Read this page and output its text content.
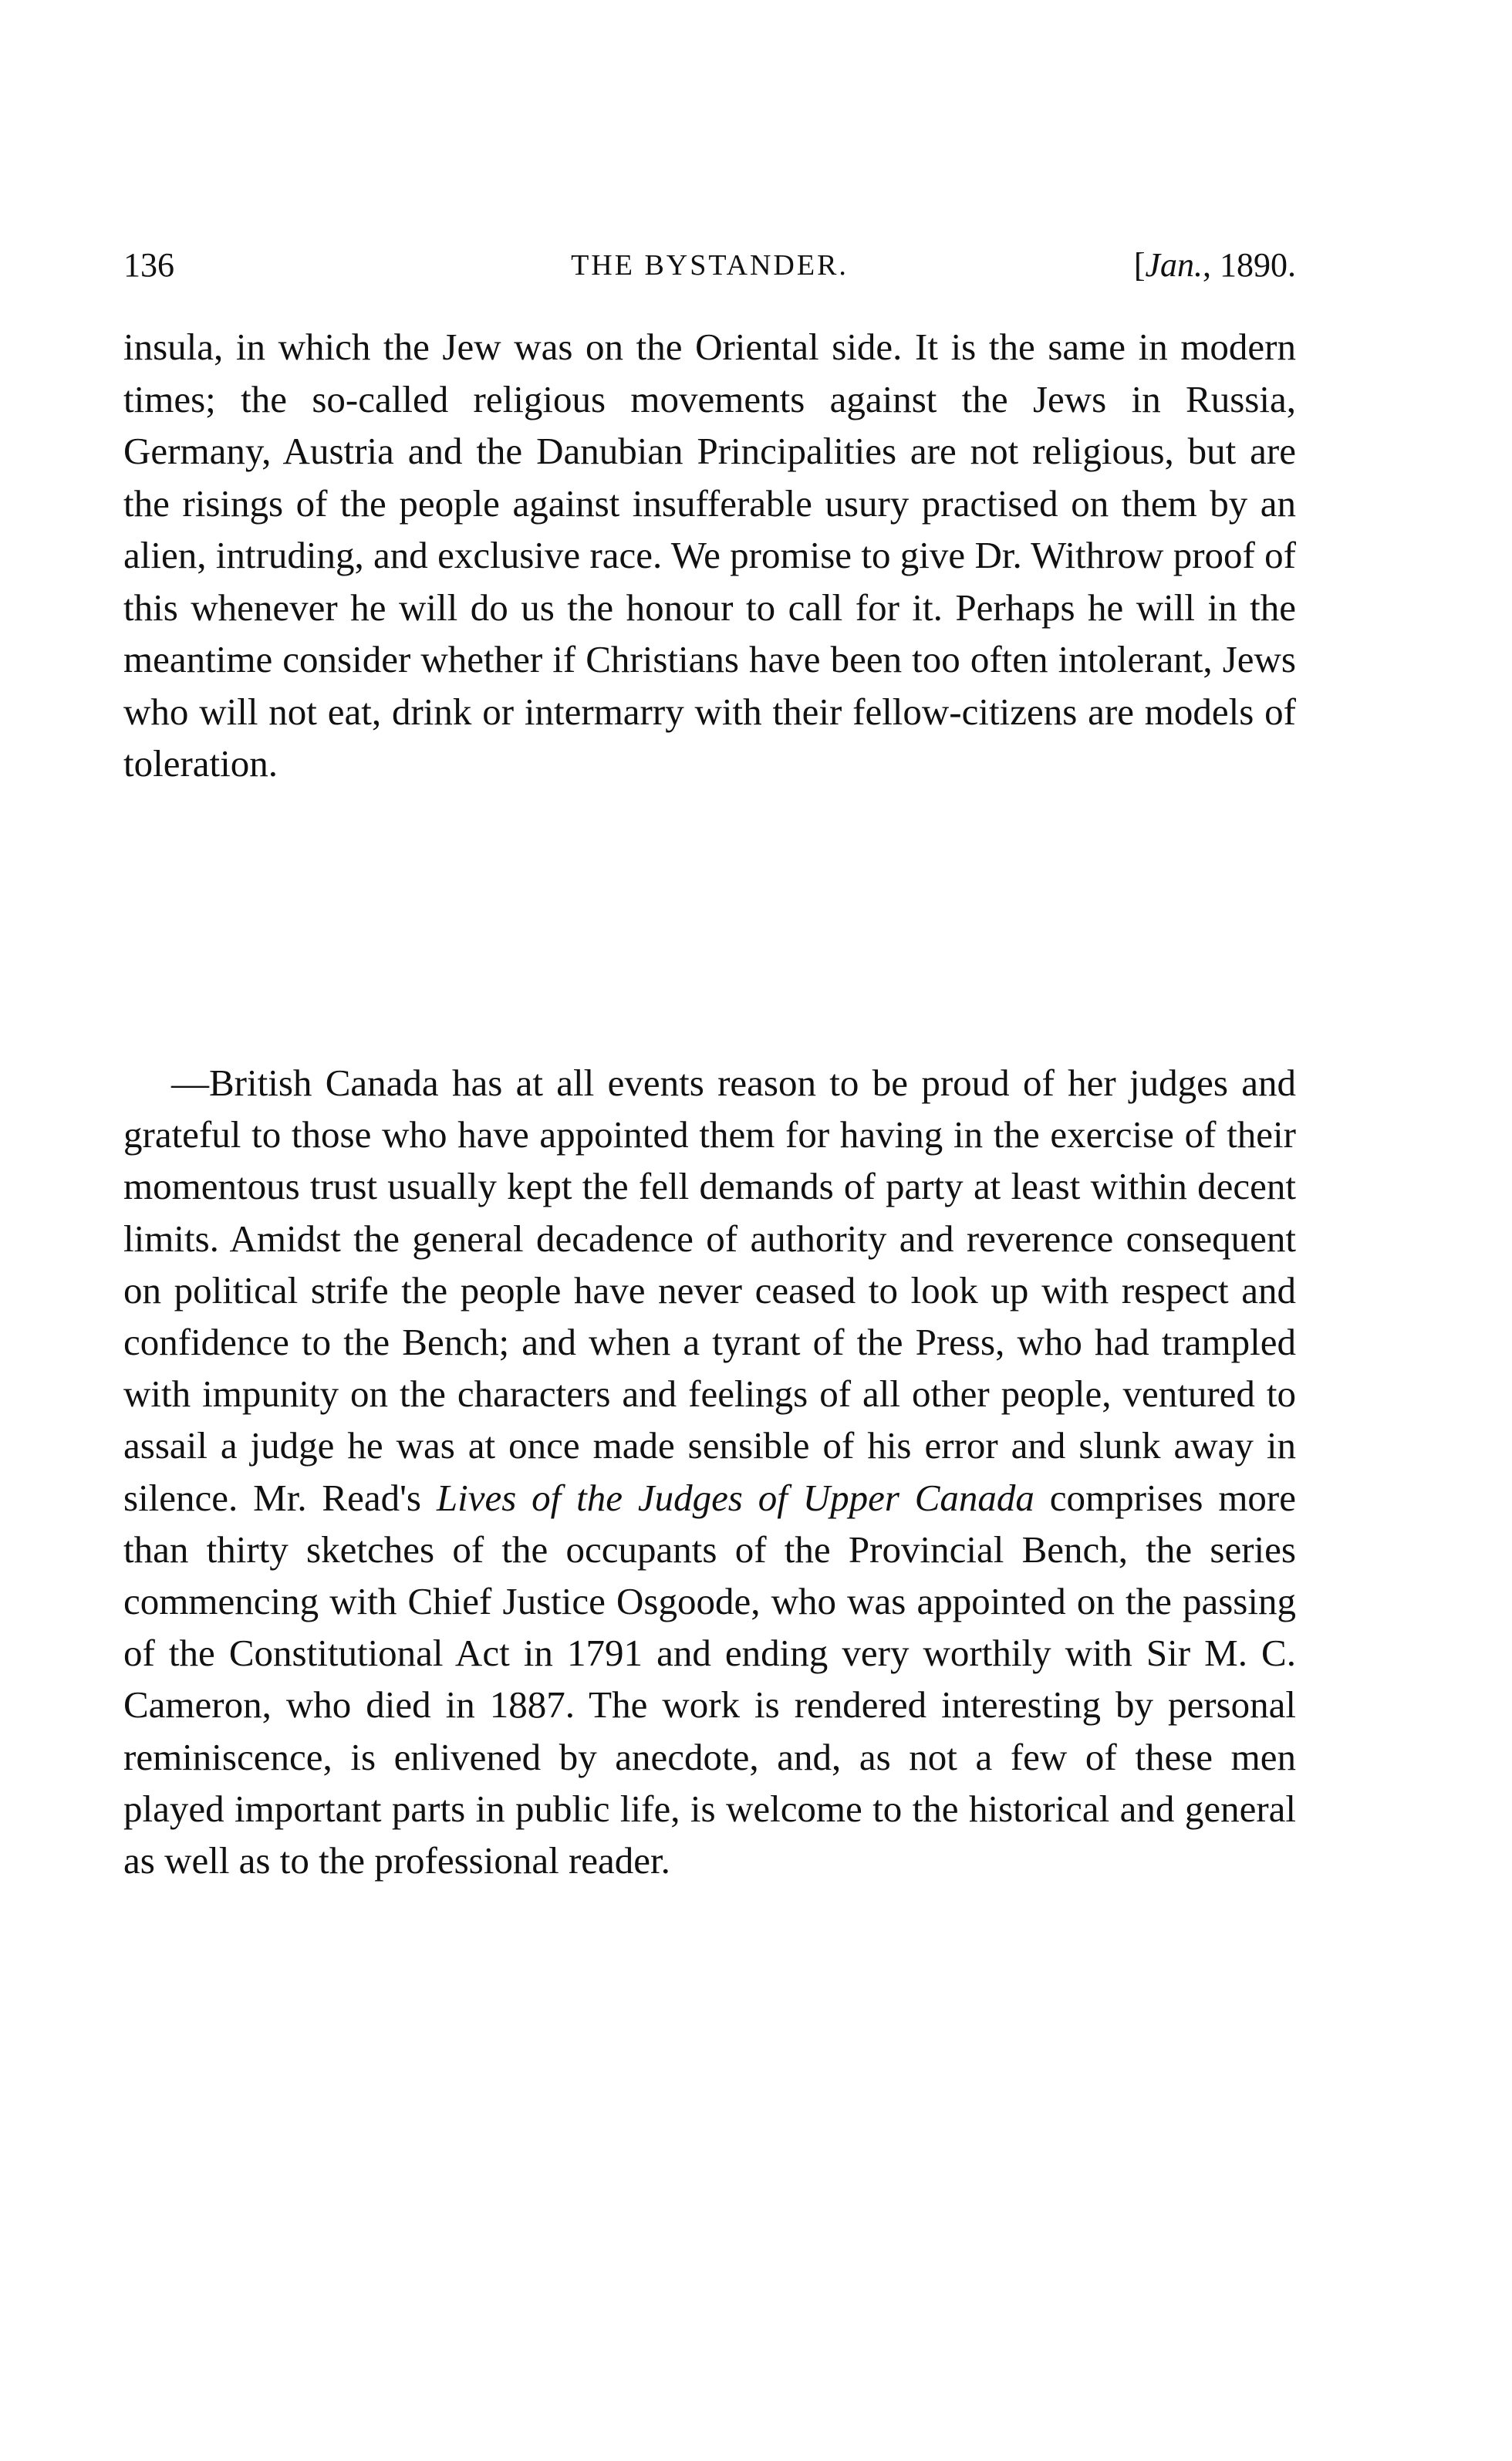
136	THE BYSTANDER.	[Jan., 1890.

insula, in which the Jew was on the Oriental side. It is the same in modern times; the so-called religious movements against the Jews in Russia, Germany, Austria and the Danubian Principalities are not religious, but are the risings of the people against insufferable usury practised on them by an alien, intruding, and exclusive race. We promise to give Dr. Withrow proof of this whenever he will do us the honour to call for it. Perhaps he will in the meantime consider whether if Christians have been too often intolerant, Jews who will not eat, drink or intermarry with their fellow-citizens are models of toleration.

—British Canada has at all events reason to be proud of her judges and grateful to those who have appointed them for having in the exercise of their momentous trust usually kept the fell demands of party at least within decent limits. Amidst the general decadence of authority and reverence consequent on political strife the people have never ceased to look up with respect and confidence to the Bench; and when a tyrant of the Press, who had trampled with impunity on the characters and feelings of all other people, ventured to assail a judge he was at once made sensible of his error and slunk away in silence. Mr. Read's Lives of the Judges of Upper Canada comprises more than thirty sketches of the occupants of the Provincial Bench, the series commencing with Chief Justice Osgoode, who was appointed on the passing of the Constitutional Act in 1791 and ending very worthily with Sir M. C. Cameron, who died in 1887. The work is rendered interesting by personal reminiscence, is enlivened by anecdote, and, as not a few of these men played important parts in public life, is welcome to the historical and general as well as to the professional reader.
